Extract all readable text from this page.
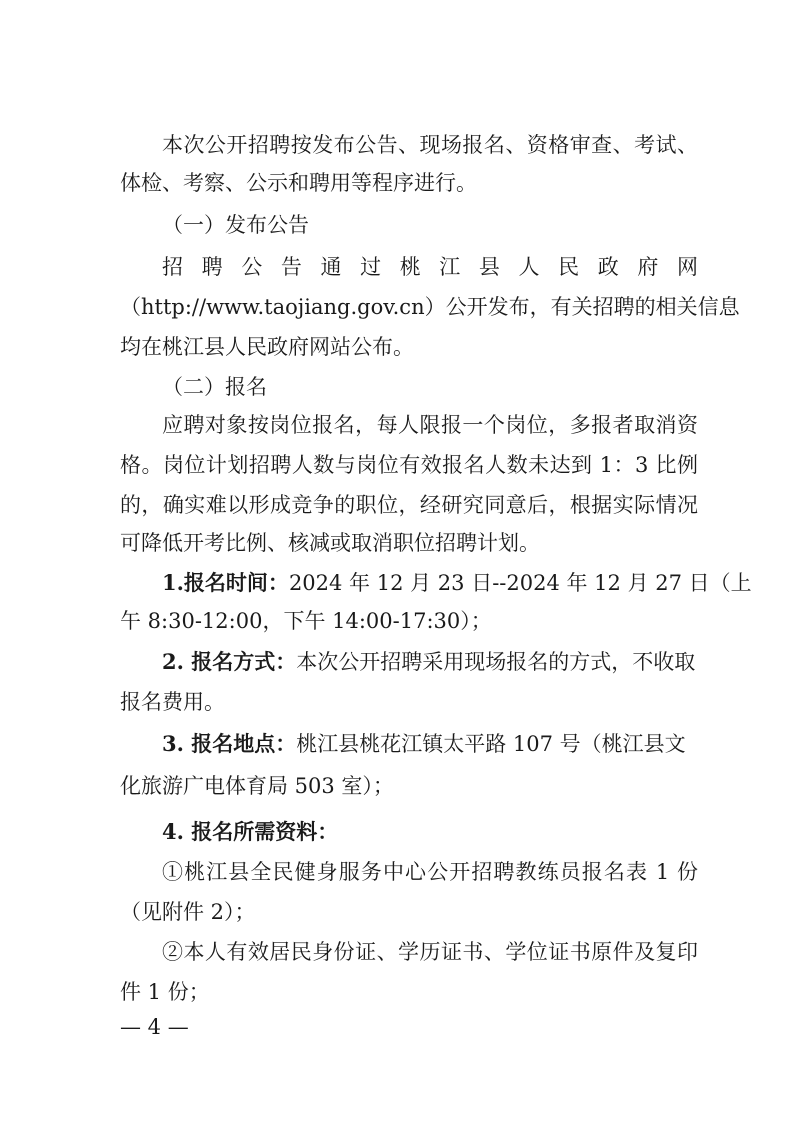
本次公开招聘按发布公告、现场报名、资格审查、考试、
体检、考察、公示和聘用等程序进行。
（一）发布公告
招聘公告通过桃江县人民政府网
（http://www.taojiang.gov.cn）公开发布，有关招聘的相关信息
均在桃江县人民政府网站公布。
（二）报名
应聘对象按岗位报名，每人限报一个岗位，多报者取消资
格。岗位计划招聘人数与岗位有效报名人数未达到 1：3 比例
的，确实难以形成竞争的职位，经研究同意后，根据实际情况
可降低开考比例、核减或取消职位招聘计划。
1.报名时间：2024 年 12 月 23 日--2024 年 12 月 27 日（上
午 8:30-12:00，下午 14:00-17:30）；
2. 报名方式：本次公开招聘采用现场报名的方式，不收取
报名费用。
3. 报名地点：桃江县桃花江镇太平路 107 号（桃江县文
化旅游广电体育局 503 室）；
4. 报名所需资料：
①桃江县全民健身服务中心公开招聘教练员报名表 1 份
（见附件 2）；
②本人有效居民身份证、学历证书、学位证书原件及复印
件 1 份；
— 4 —
